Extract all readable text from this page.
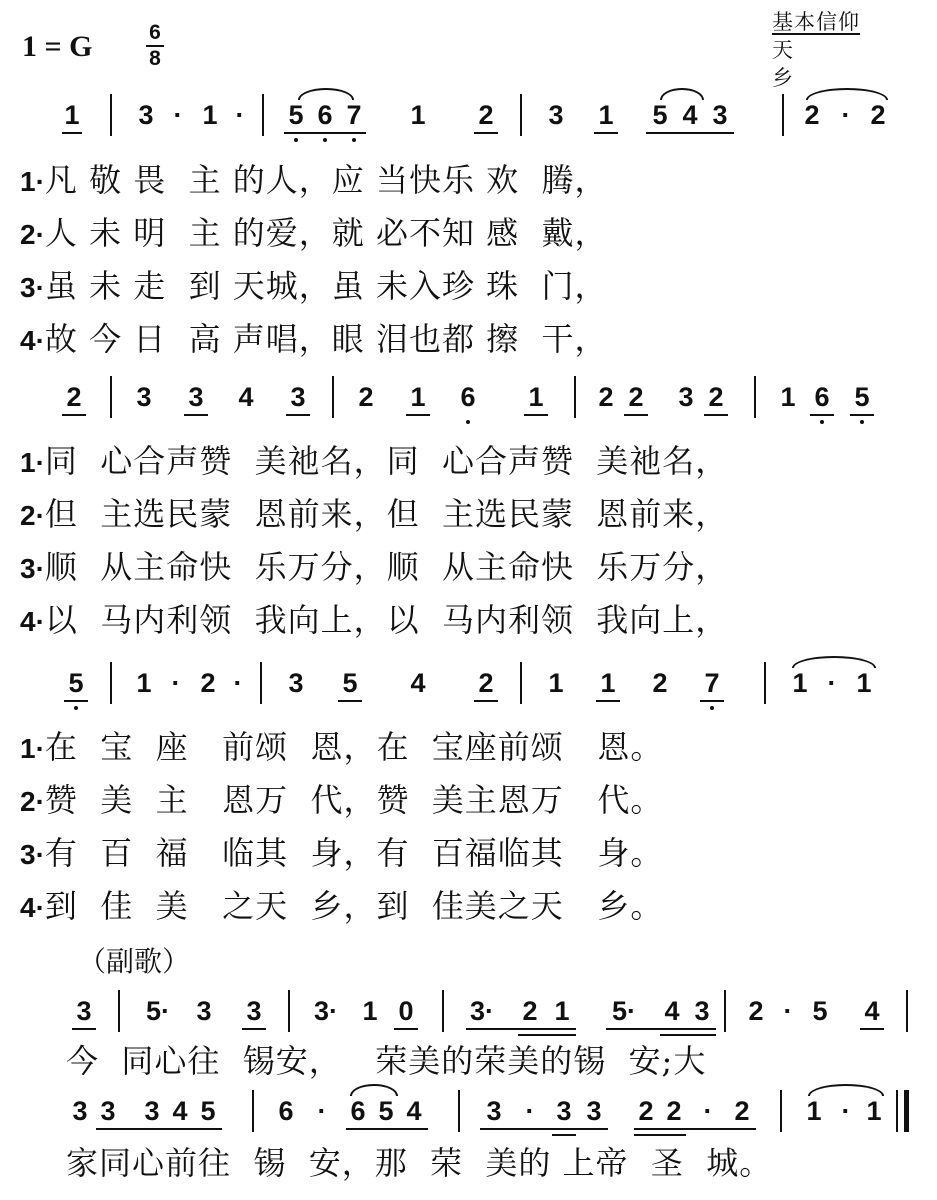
1 = G	6
8
基本信仰
天乡
1 3 · 1 · 5 6 7 1 2 3 1 5 4 3	2 · 2
1·凡 敬 畏  主 的人，应 当快乐 欢  腾，
2·人 未 明  主 的爱，就 必不知 感  戴，
3·虽 未 走  到 天城，虽 未入珍 珠  门，
4·故 今 日  高 声唱，眼 泪也都 擦  干，
2 3 3 4 3 2 1 6 1 2 2 3 2 1 6 5
1·同  心合声赞  美祂名，同  心合声赞  美祂名，
2·但  主选民蒙  恩前来，但  主选民蒙  恩前来，
3·顺  从主命快  乐万分，顺  从主命快  乐万分，
4·以  马内利领  我向上，以  马内利领  我向上，
5 1 · 2 · 3 5 4 2 1 1 2 7	1 · 1
1·在  宝  座   前颂  恩，在  宝座前颂   恩。
2·赞  美  主   恩万  代，赞  美主恩万   代。
3·有  百  福   临其  身，有  百福临其   身。
4·到  佳  美   之天  乡，到  佳美之天   乡。
（副歌）
3 5· 3 3 3· 1 0 3· 2 1 5· 4 3 2 · 5 4
今  同心往  锡安，   荣美的荣美的锡  安;大
3 3 3 4 5 6 · 6 5 4 3 · 3 3 2 2 · 2 1 · 1
家同心前往  锡  安，那  荣  美的 上帝  圣  城。
